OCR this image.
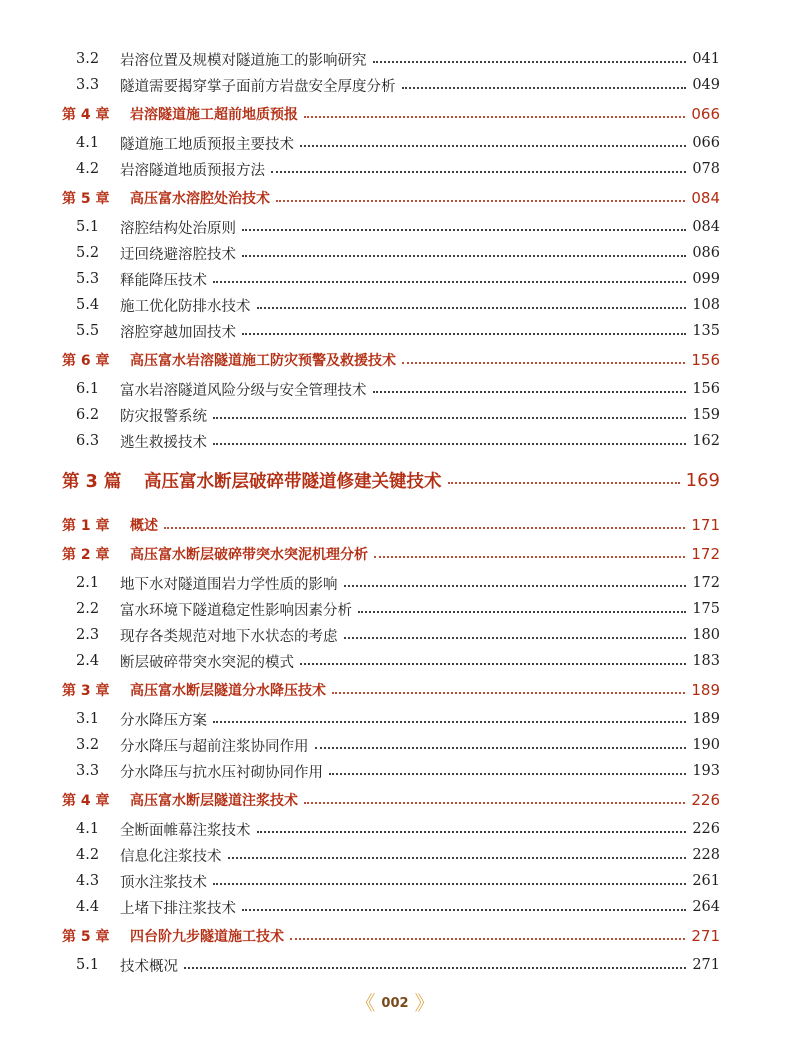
3.2	岩溶位置及规模对隧道施工的影响研究	041
3.3	隧道需要揭穿掌子面前方岩盘安全厚度分析	049
第 4 章	岩溶隧道施工超前地质预报	066
4.1	隧道施工地质预报主要技术	066
4.2	岩溶隧道地质预报方法	078
第 5 章	高压富水溶腔处治技术	084
5.1	溶腔结构处治原则	084
5.2	迂回绕避溶腔技术	086
5.3	释能降压技术	099
5.4	施工优化防排水技术	108
5.5	溶腔穿越加固技术	135
第 6 章	高压富水岩溶隧道施工防灾预警及救援技术	156
6.1	富水岩溶隧道风险分级与安全管理技术	156
6.2	防灾报警系统	159
6.3	逃生救援技术	162
第 3 篇	高压富水断层破碎带隧道修建关键技术	169
第 1 章	概述	171
第 2 章	高压富水断层破碎带突水突泥机理分析	172
2.1	地下水对隧道围岩力学性质的影响	172
2.2	富水环境下隧道稳定性影响因素分析	175
2.3	现存各类规范对地下水状态的考虑	180
2.4	断层破碎带突水突泥的模式	183
第 3 章	高压富水断层隧道分水降压技术	189
3.1	分水降压方案	189
3.2	分水降压与超前注浆协同作用	190
3.3	分水降压与抗水压衬砌协同作用	193
第 4 章	高压富水断层隧道注浆技术	226
4.1	全断面帷幕注浆技术	226
4.2	信息化注浆技术	228
4.3	顶水注浆技术	261
4.4	上堵下排注浆技术	264
第 5 章	四台阶九步隧道施工技术	271
5.1	技术概况	271
《 002 》
